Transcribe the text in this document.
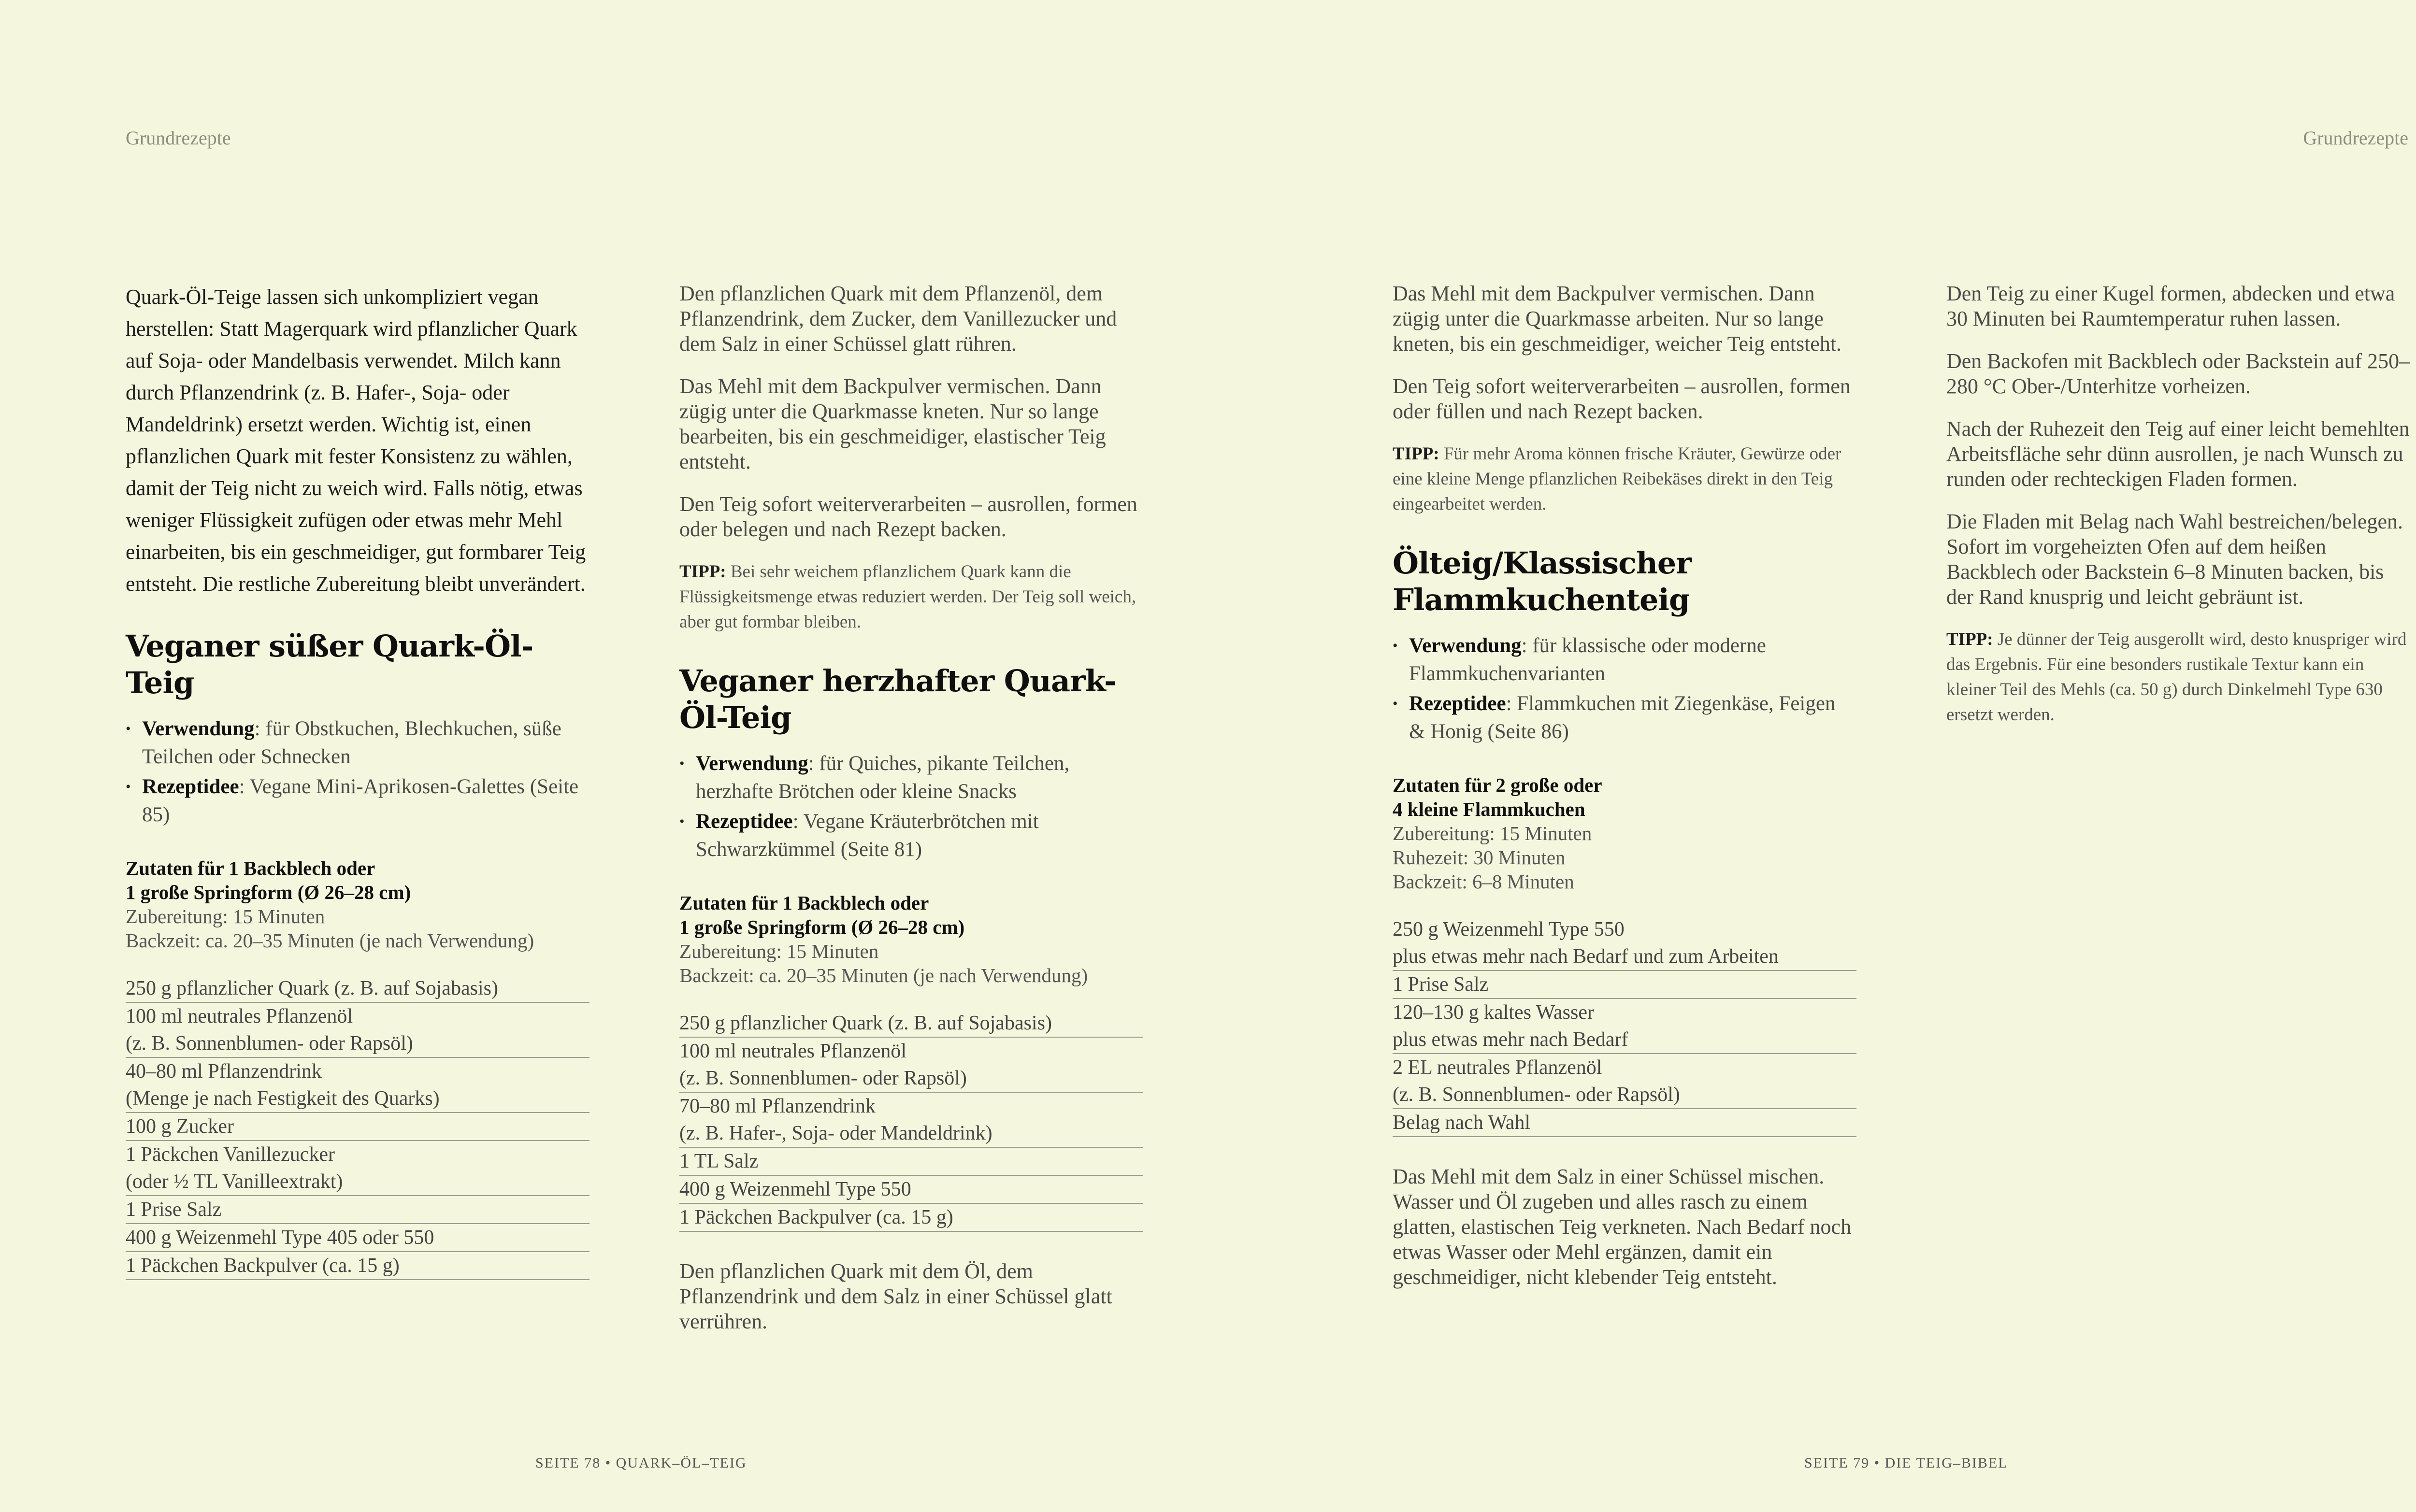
Grundrezepte

Quark-Öl-Teige lassen sich unkompliziert vegan herstellen: Statt Magerquark wird pflanzlicher Quark auf Soja- oder Mandelbasis verwendet. Milch kann durch Pflanzendrink (z. B. Hafer-, Soja- oder Mandeldrink) ersetzt werden. Wichtig ist, einen pflanzlichen Quark mit fester Konsistenz zu wählen, damit der Teig nicht zu weich wird. Falls nötig, etwas weniger Flüssigkeit zufügen oder etwas mehr Mehl einarbeiten, bis ein geschmeidiger, gut formbarer Teig entsteht. Die restliche Zubereitung bleibt unverändert.

Veganer süßer Quark-Öl-Teig
• Verwendung: für Obstkuchen, Blechkuchen, süße Teilchen oder Schnecken
• Rezeptidee: Vegane Mini-Aprikosen-Galettes (Seite 85)
Zutaten für 1 Backblech oder
1 große Springform (Ø 26–28 cm)
Zubereitung: 15 Minuten
Backzeit: ca. 20–35 Minuten (je nach Verwendung)
250 g pflanzlicher Quark (z. B. auf Sojabasis)
100 ml neutrales Pflanzenöl
(z. B. Sonnenblumen- oder Rapsöl)
40–80 ml Pflanzendrink
(Menge je nach Festigkeit des Quarks)
100 g Zucker
1 Päckchen Vanillezucker
(oder ½ TL Vanilleextrakt)
1 Prise Salz
400 g Weizenmehl Type 405 oder 550
1 Päckchen Backpulver (ca. 15 g)

Den pflanzlichen Quark mit dem Pflanzenöl, dem Pflanzendrink, dem Zucker, dem Vanillezucker und dem Salz in einer Schüssel glatt rühren.

Das Mehl mit dem Backpulver vermischen. Dann zügig unter die Quarkmasse kneten. Nur so lange bearbeiten, bis ein geschmeidiger, elastischer Teig entsteht.

Den Teig sofort weiterverarbeiten – ausrollen, formen oder belegen und nach Rezept backen.

TIPP: Bei sehr weichem pflanzlichem Quark kann die Flüssigkeitsmenge etwas reduziert werden. Der Teig soll weich, aber gut formbar bleiben.

Veganer herzhafter Quark-Öl-Teig
• Verwendung: für Quiches, pikante Teilchen, herzhafte Brötchen oder kleine Snacks
• Rezeptidee: Vegane Kräuterbrötchen mit Schwarzkümmel (Seite 81)
Zutaten für 1 Backblech oder
1 große Springform (Ø 26–28 cm)
Zubereitung: 15 Minuten
Backzeit: ca. 20–35 Minuten (je nach Verwendung)
250 g pflanzlicher Quark (z. B. auf Sojabasis)
100 ml neutrales Pflanzenöl
(z. B. Sonnenblumen- oder Rapsöl)
70–80 ml Pflanzendrink
(z. B. Hafer-, Soja- oder Mandeldrink)
1 TL Salz
400 g Weizenmehl Type 550
1 Päckchen Backpulver (ca. 15 g)

Den pflanzlichen Quark mit dem Öl, dem Pflanzendrink und dem Salz in einer Schüssel glatt verrühren.

SEITE 78 • QUARK–ÖL–TEIG
Grundrezepte

Das Mehl mit dem Backpulver vermischen. Dann zügig unter die Quarkmasse arbeiten. Nur so lange kneten, bis ein geschmeidiger, weicher Teig entsteht.

Den Teig sofort weiterverarbeiten – ausrollen, formen oder füllen und nach Rezept backen.

TIPP: Für mehr Aroma können frische Kräuter, Gewürze oder eine kleine Menge pflanzlichen Reibekäses direkt in den Teig eingearbeitet werden.

Ölteig/Klassischer Flammkuchenteig
• Verwendung: für klassische oder moderne Flammkuchenvarianten
• Rezeptidee: Flammkuchen mit Ziegenkäse, Feigen & Honig (Seite 86)
Zutaten für 2 große oder
4 kleine Flammkuchen
Zubereitung: 15 Minuten
Ruhezeit: 30 Minuten
Backzeit: 6–8 Minuten
250 g Weizenmehl Type 550
plus etwas mehr nach Bedarf und zum Arbeiten
1 Prise Salz
120–130 g kaltes Wasser
plus etwas mehr nach Bedarf
2 EL neutrales Pflanzenöl
(z. B. Sonnenblumen- oder Rapsöl)
Belag nach Wahl

Das Mehl mit dem Salz in einer Schüssel mischen. Wasser und Öl zugeben und alles rasch zu einem glatten, elastischen Teig verkneten. Nach Bedarf noch etwas Wasser oder Mehl ergänzen, damit ein geschmeidiger, nicht klebender Teig entsteht.

Den Teig zu einer Kugel formen, abdecken und etwa 30 Minuten bei Raumtemperatur ruhen lassen.

Den Backofen mit Backblech oder Backstein auf 250–280 °C Ober-/Unterhitze vorheizen.

Nach der Ruhezeit den Teig auf einer leicht bemehlten Arbeitsfläche sehr dünn ausrollen, je nach Wunsch zu runden oder rechteckigen Fladen formen.

Die Fladen mit Belag nach Wahl bestreichen/belegen. Sofort im vorgeheizten Ofen auf dem heißen Backblech oder Backstein 6–8 Minuten backen, bis der Rand knusprig und leicht gebräunt ist.

TIPP: Je dünner der Teig ausgerollt wird, desto knuspriger wird das Ergebnis. Für eine besonders rustikale Textur kann ein kleiner Teil des Mehls (ca. 50 g) durch Dinkelmehl Type 630 ersetzt werden.

SEITE 79 • DIE TEIG–BIBEL
